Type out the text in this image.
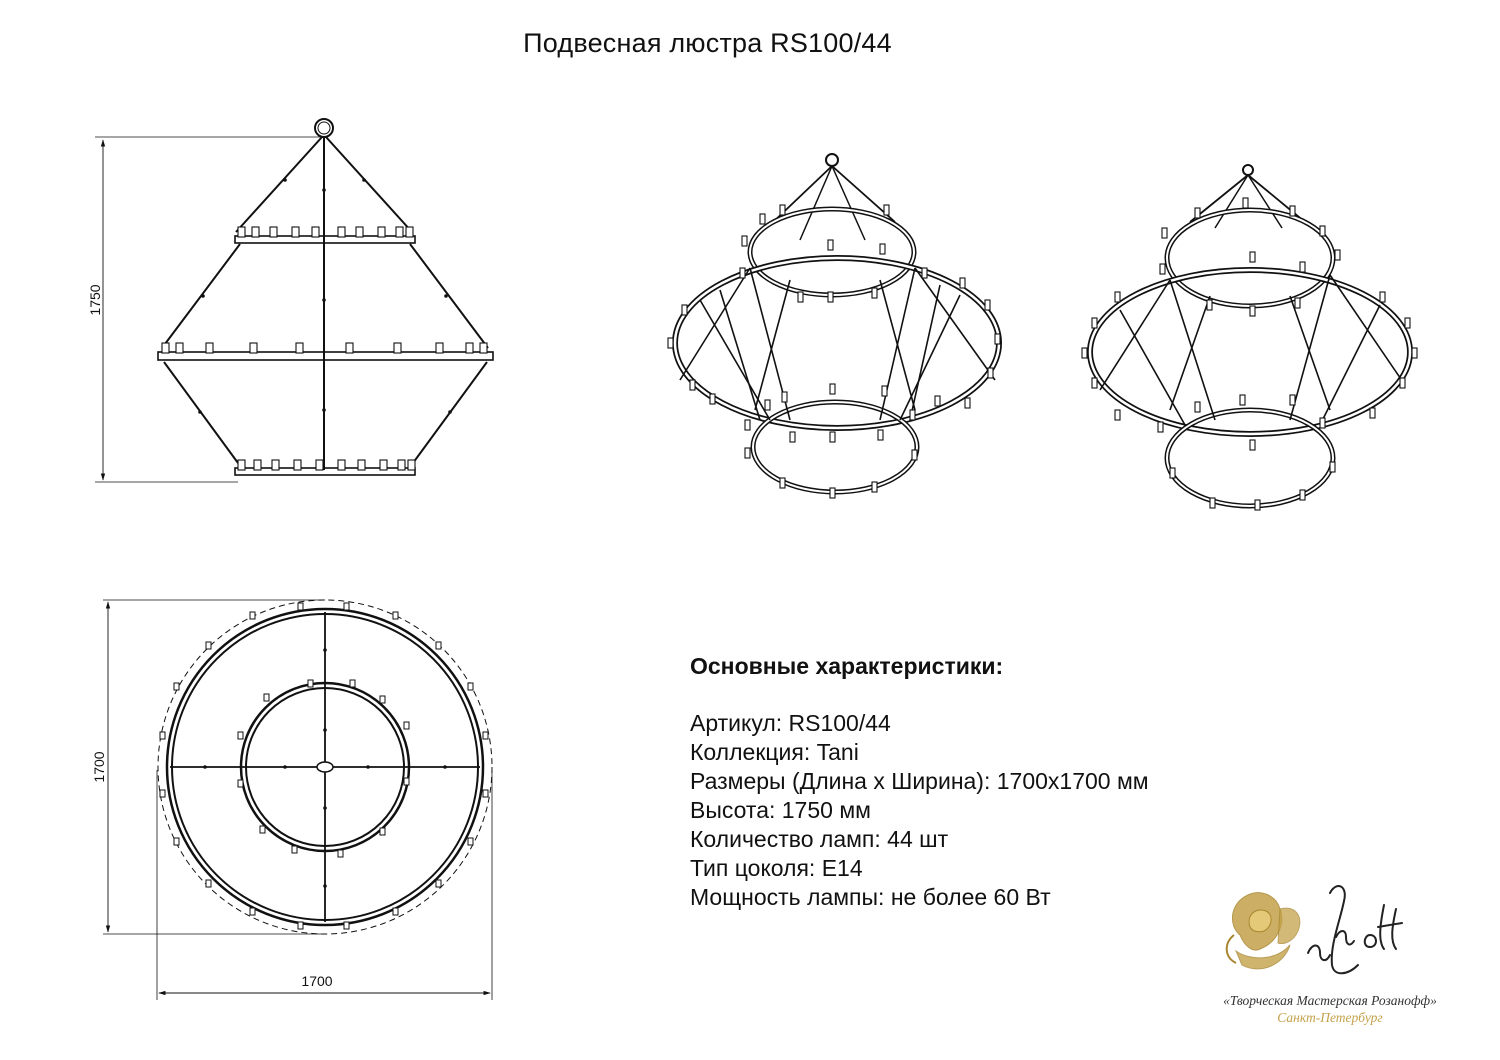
Подвесная люстра RS100/44
1750
1700
1700
Основные характеристики:
Артикул: RS100/44
Коллекция: Tani
Размеры (Длина х Ширина): 1700x1700 мм
Высота: 1750 мм
Количество ламп: 44 шт
Тип цоколя: E14
Мощность лампы: не более 60 Вт
«Творческая Мастерская Розанофф»
Санкт-Петербург
